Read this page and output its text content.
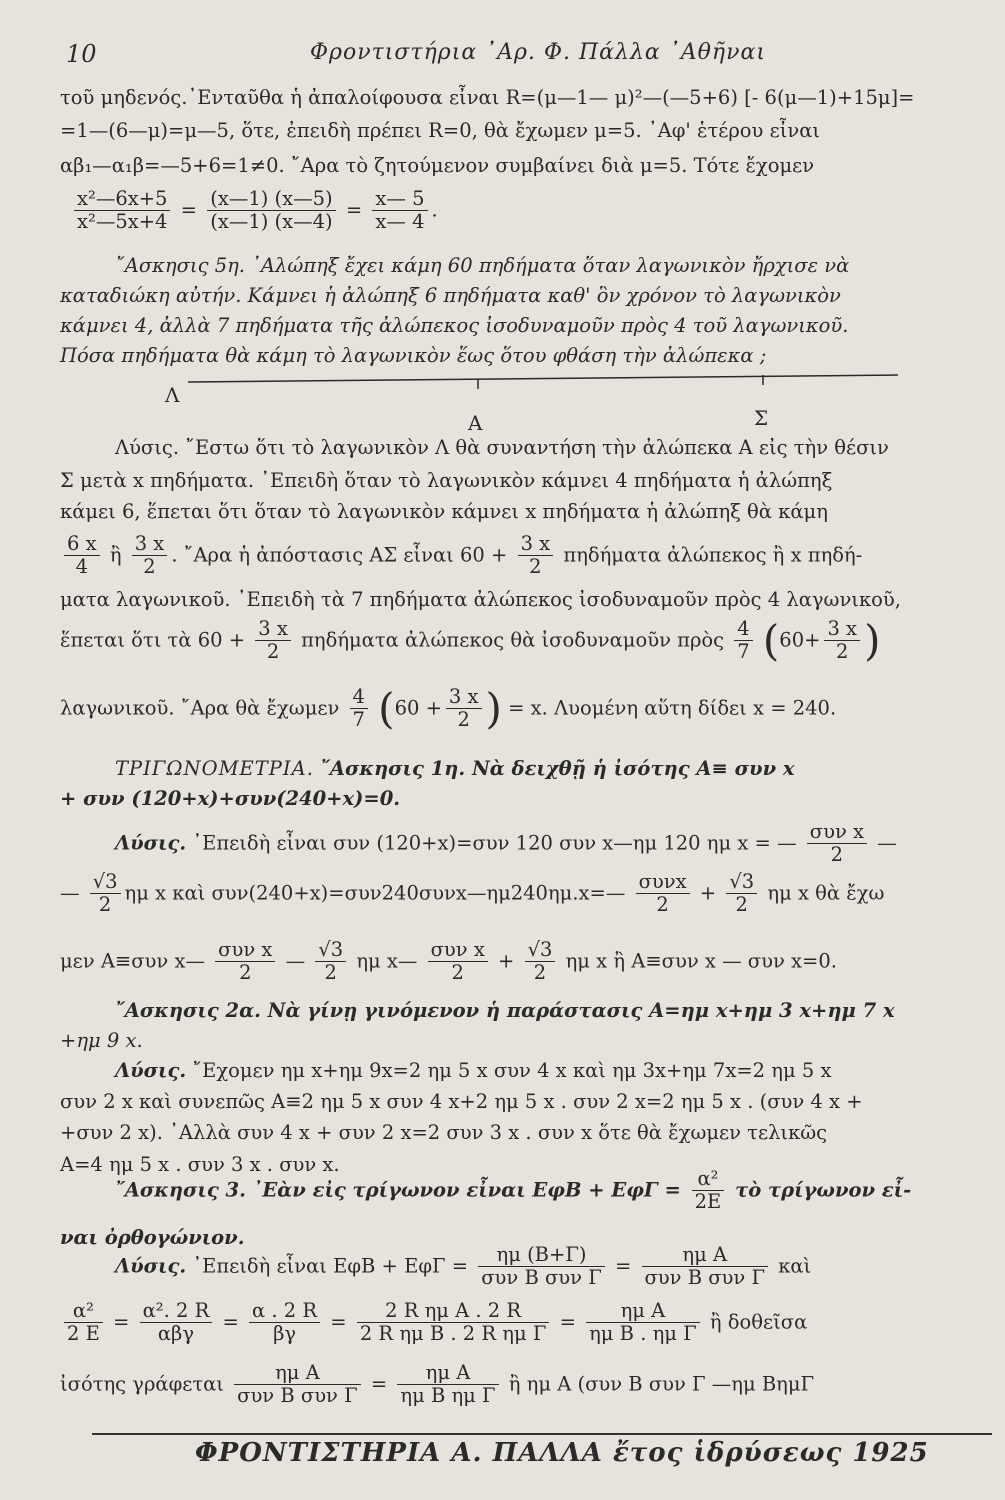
10	Φροντιστήρια ᾿Αρ. Φ. Πάλλα ᾿Αθῆναι
τοῦ μηδενός.᾿Ενταῦθα ἡ ἀπαλοίφουσα εἶναι R=(μ—1— μ)²—(—5+6) [- 6(μ—1)+15μ]=
=1—(6—μ)=μ—5, ὅτε, ἐπειδὴ πρέπει R=0, θὰ ἔχωμεν μ=5. ᾿Αφ' ἑτέρου εἶναι
αβ₁—α₁β=—5+6=1≠0. ῎Αρα τὸ ζητούμενον συμβαίνει διὰ μ=5. Τότε ἔχομεν
$\frac{\text{x²—6x+5}}{\text{x²—5x+4}} = \frac{(x—1) (x—5)}{(x—1) (x—4)} = \frac{x— 5}{x— 4}$ .
῎Ασκησις 5η. ᾿Αλώπηξ ἔχει κάμη 60 πηδήματα ὅταν λαγωνικὸν ἤρχισε νὰ
καταδιώκη αὐτήν. Κάμνει ἡ ἀλώπηξ 6 πηδήματα καθ' ὃν χρόνον τὸ λαγωνικὸν
κάμνει 4, ἀλλὰ 7 πηδήματα τῆς ἀλώπεκος ἰσοδυναμοῦν πρὸς 4 τοῦ λαγωνικοῦ.
Πόσα πηδήματα θὰ κάμη τὸ λαγωνικὸν ἕως ὅτου φθάση τὴν ἀλώπεκα ;
Λ
Α	Σ
Λύσις. ῎Εστω ὅτι τὸ λαγωνικὸν Λ θὰ συναντήση τὴν ἀλώπεκα Α εἰς τὴν θέσιν
Σ μετὰ x πηδήματα. ᾿Επειδὴ ὅταν τὸ λαγωνικὸν κάμνει 4 πηδήματα ἡ ἀλώπηξ
κάμει 6, ἕπεται ὅτι ὅταν τὸ λαγωνικὸν κάμνει x πηδήματα ἡ ἀλώπηξ θὰ κάμη
$\frac{6 x}{4}$ ἢ $\frac{3 x}{2}$ . ῎Αρα ἡ ἀπόστασις ΑΣ εἶναι $60 + \frac{3 x}{2}$ πηδήματα ἀλώπεκος ἢ x πηδή-
ματα λαγωνικοῦ. ᾿Επειδὴ τὰ 7 πηδήματα ἀλώπεκος ἰσοδυναμοῦν πρὸς 4 λαγωνικοῦ,
ἕπεται ὅτι τὰ $60 + \frac{3 x}{2}$ πηδήματα ἀλώπεκος θὰ ἰσοδυναμοῦν πρὸς $\frac{4}{7} (60+ \frac{3 x}{2}$ )
λαγωνικοῦ. ῎Αρα θὰ ἔχωμεν $\frac{4}{7} (60 + \frac{3 x}{2}$ ) = x. Λυομένη αὕτη δίδει x = 240.
ΤΡΙΓΩΝΟΜΕΤΡΙΑ. ῎Ασκησις 1η. Νὰ δειχθῇ ἡ ἰσότης Α≡ συν x
+ συν (120+x)+συν(240+x)=0.
Λύσις. ᾿Επειδὴ εἶναι συν (120+x)=συν 120 συν x—ημ 120 ημ x = — $\frac{\text{συν x}}{2}$ —
— $\frac{√3}{2}$ ημ x καὶ συν(240+x)=συν240συνx—ημ240ημ.x=— $\frac{\text{συνx}}{2} + \frac{√3}{2}$ ημ x θὰ ἔχω
μεν Α≡συν x— $\frac{\text{συν x}}{2}$ — $\frac{√3}{2}$ ημ x— $\frac{\text{συν x}}{2} + \frac{√3}{2}$ ημ x ἢ Α≡συν x — συν x=0.
῎Ασκησις 2α. Νὰ γίνῃ γινόμενον ἡ παράστασις Α=ημ x+ημ 3 x+ημ 7 x
+ημ 9 x.
Λύσις. ῎Εχομεν ημ x+ημ 9x=2 ημ 5 x συν 4 x καὶ ημ 3x+ημ 7x=2 ημ 5 x
συν 2 x καὶ συνεπῶς Α≡2 ημ 5 x συν 4 x+2 ημ 5 x . συν 2 x=2 ημ 5 x . (συν 4 x +
+συν 2 x). ᾿Αλλὰ συν 4 x + συν 2 x=2 συν 3 x . συν x ὅτε θὰ ἔχωμεν τελικῶς
Α=4 ημ 5 x . συν 3 x . συν x.
῎Ασκησις 3. ᾿Εὰν εἰς τρίγωνον εἶναι $E\varphi B + E\varphi\Gamma = \frac{\text{α²}}{2E}$ τὸ τρίγωνον εἶ-
ναι ὀρθογώνιον.
Λύσις. ᾿Επειδὴ εἶναι $E\varphi B + E\varphi\Gamma = \frac{\eta\mu (B+\Gamma)}{\text{συν Β συν Γ}} = \frac{\text{ημ Α}}{\text{συν Β συν Γ}}$ καὶ
$\frac{\text{α²}}{2 E} = \frac{\text{α². 2 R}}{\text{αβγ}} = \frac{\alpha . 2 R}{\beta\gamma} = \frac{\text{2 R ημ Α . 2 R}}{\text{2 R ημ Β . 2 R ημ Γ}} = \frac{\text{ημ Α}}{\text{ημ Β . ημ Γ}}$ ἢ δοθεῖσα
ἰσότης γράφεται $\frac{\text{ημ Α}}{\text{συν Β συν Γ}} = \frac{\text{ημ Α}}{\text{ημ Β ημ Γ}}$ ἢ ημ Α (συν Β συν Γ —ημ ΒημΓ
ΦΡΟΝΤΙΣΤΗΡΙΑ Α. ΠΑΛΛΑ ἔτος ἱδρύσεως 1925
